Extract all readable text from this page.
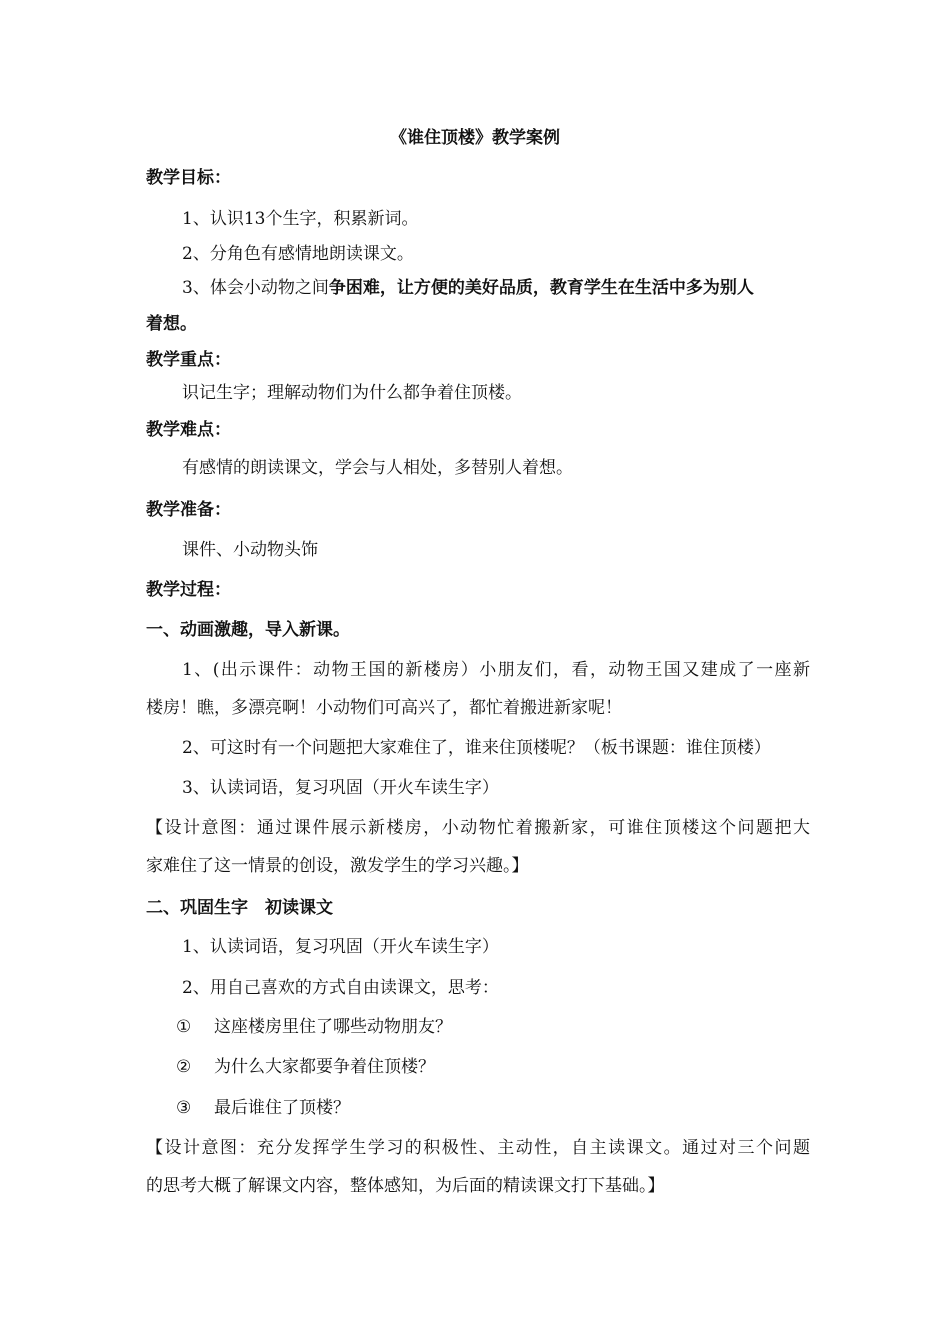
《谁住顶楼》教学案例
教学目标：
1、认识13个生字，积累新词。
2、分角色有感情地朗读课文。
3、体会小动物之间争困难，让方便的美好品质，教育学生在生活中多为别人
着想。
教学重点：
识记生字；理解动物们为什么都争着住顶楼。
教学难点：
有感情的朗读课文，学会与人相处，多替别人着想。
教学准备：
课件、小动物头饰
教学过程：
一、动画激趣，导入新课。
1、(出示课件：动物王国的新楼房）小朋友们，看，动物王国又建成了一座新
楼房！瞧，多漂亮啊！小动物们可高兴了，都忙着搬进新家呢！
2、可这时有一个问题把大家难住了，谁来住顶楼呢？（板书课题：谁住顶楼）
3、认读词语，复习巩固（开火车读生字）
【设计意图：通过课件展示新楼房，小动物忙着搬新家，可谁住顶楼这个问题把大
家难住了这一情景的创设，激发学生的学习兴趣。】
二、巩固生字　初读课文
1、认读词语，复习巩固（开火车读生字）
2、用自己喜欢的方式自由读课文，思考：
① 这座楼房里住了哪些动物朋友？
② 为什么大家都要争着住顶楼？
③ 最后谁住了顶楼？
【设计意图：充分发挥学生学习的积极性、主动性，自主读课文。通过对三个问题
的思考大概了解课文内容，整体感知，为后面的精读课文打下基础。】
